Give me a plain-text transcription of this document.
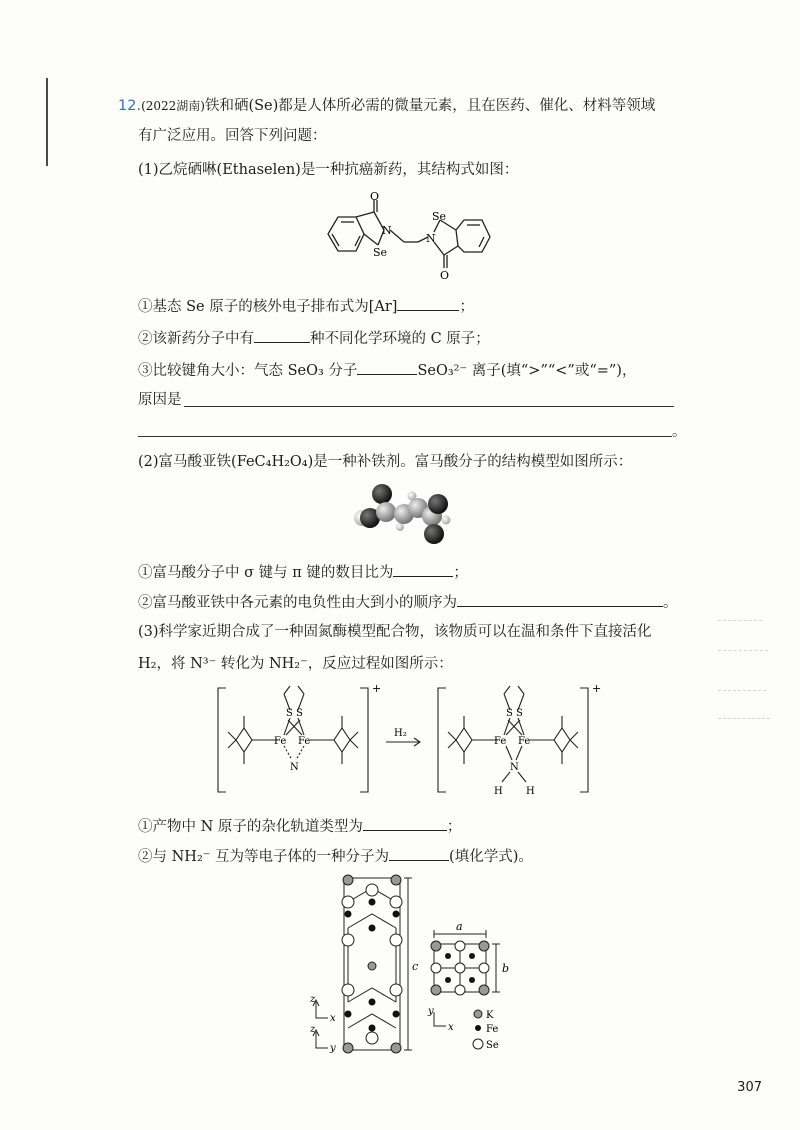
12.(2022湖南)铁和硒(Se)都是人体所必需的微量元素，且在医药、催化、材料等领域
有广泛应用。回答下列问题：
(1)乙烷硒啉(Ethaselen)是一种抗癌新药，其结构式如图：
O
N
Se
N
Se
O
①基态 Se 原子的核外电子排布式为[Ar]	；
②该新药分子中有	种不同化学环境的 C 原子；
③比较键角大小：气态 SeO₃ 分子	SeO₃²⁻ 离子(填“>”“<”或“=”)，
原因是
。
(2)富马酸亚铁(FeC₄H₂O₄)是一种补铁剂。富马酸分子的结构模型如图所示：
①富马酸分子中 σ 键与 π 键的数目比为	；
②富马酸亚铁中各元素的电负性由大到小的顺序为	。
(3)科学家近期合成了一种固氮酶模型配合物，该物质可以在温和条件下直接活化
H₂，将 N³⁻ 转化为 NH₂⁻，反应过程如图所示：
+	+
S S
Fe Fe
N
H₂
S S
Fe Fe
N
H H
①产物中 N 原子的杂化轨道类型为	；
②与 NH₂⁻ 互为等电子体的一种分子为	(填化学式)。
z
x
z
y
y
x
a
b
c
K
Fe
Se
307
